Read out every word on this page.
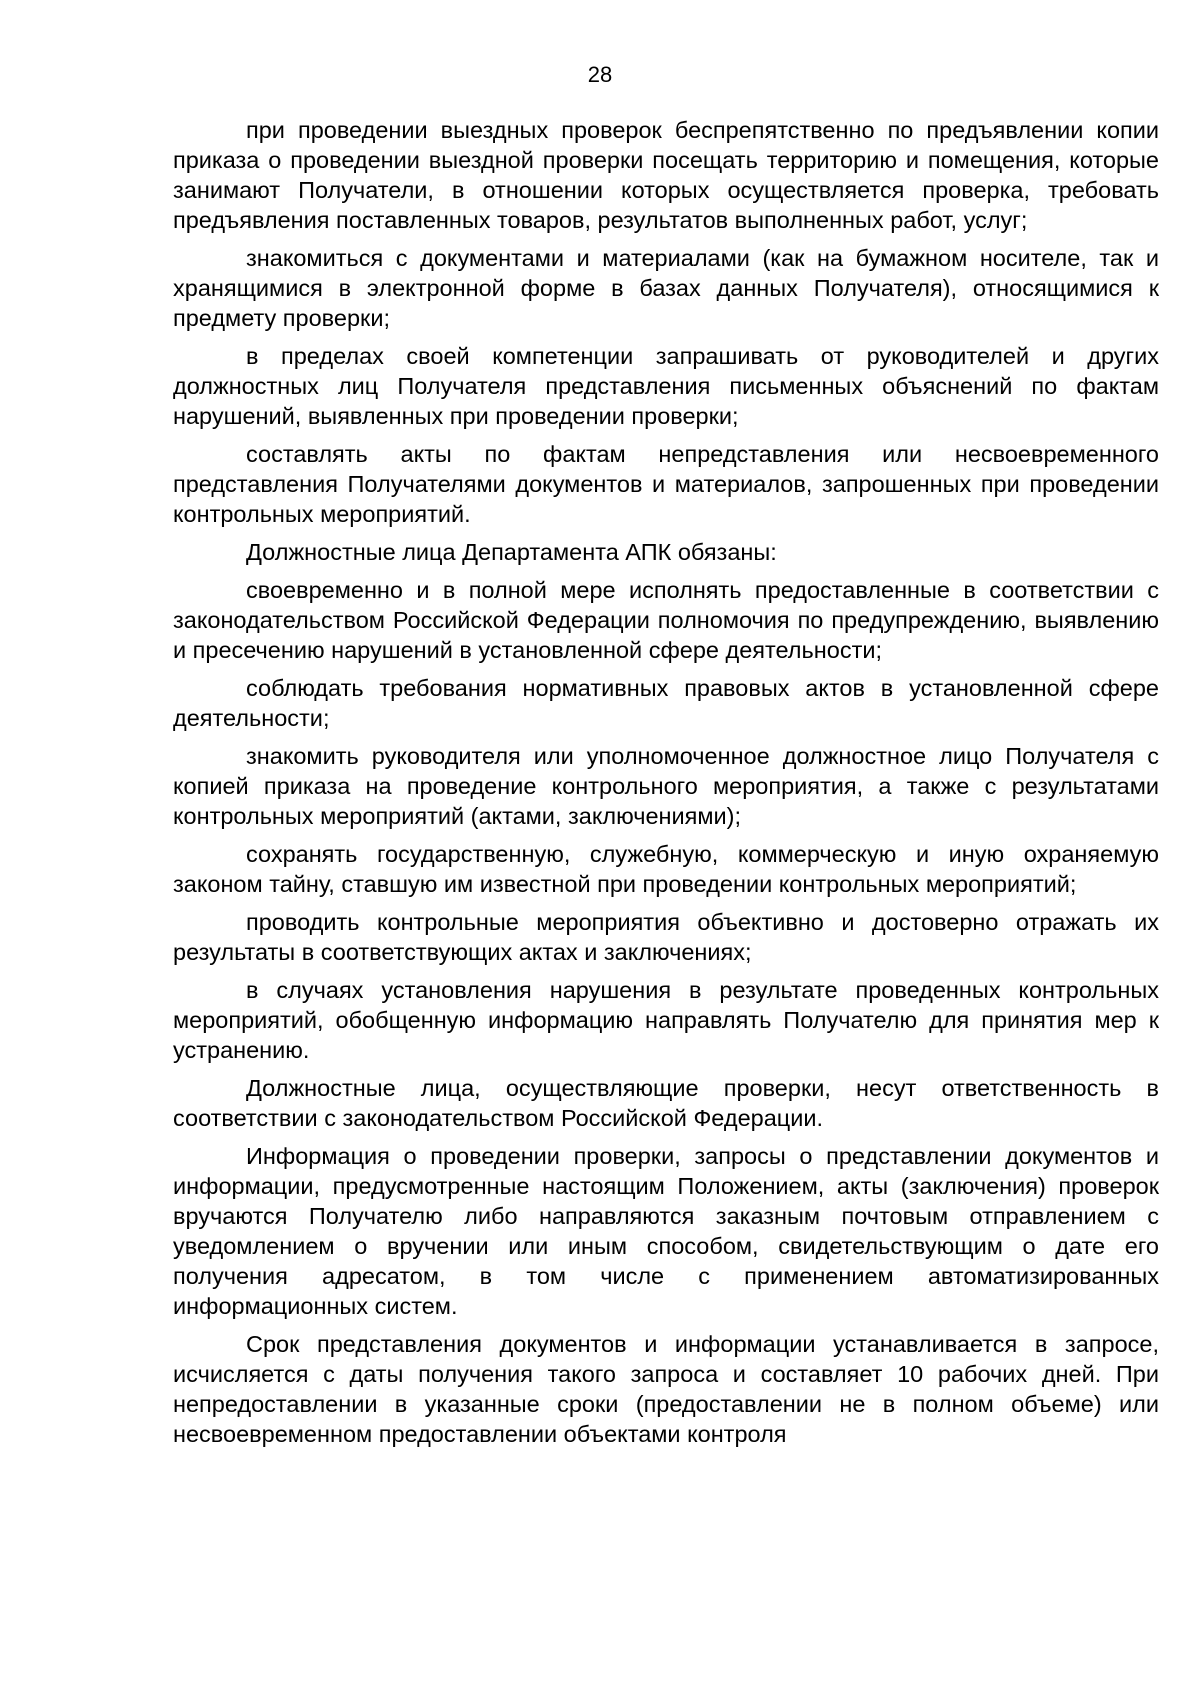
28

при проведении выездных проверок беспрепятственно по предъявлении копии приказа о проведении выездной проверки посещать территорию и помещения, которые занимают Получатели, в отношении которых осуществляется проверка, требовать предъявления поставленных товаров, результатов выполненных работ, услуг;

знакомиться с документами и материалами (как на бумажном носителе, так и хранящимися в электронной форме в базах данных Получателя), относящимися к предмету проверки;

в пределах своей компетенции запрашивать от руководителей и других должностных лиц Получателя представления письменных объяснений по фактам нарушений, выявленных при проведении проверки;

составлять акты по фактам непредставления или несвоевременного представления Получателями документов и материалов, запрошенных при проведении контрольных мероприятий.

Должностные лица Департамента АПК обязаны:

своевременно и в полной мере исполнять предоставленные в соответствии с законодательством Российской Федерации полномочия по предупреждению, выявлению и пресечению нарушений в установленной сфере деятельности;

соблюдать требования нормативных правовых актов в установленной сфере деятельности;

знакомить руководителя или уполномоченное должностное лицо Получателя с копией приказа на проведение контрольного мероприятия, а также с результатами контрольных мероприятий (актами, заключениями);

сохранять государственную, служебную, коммерческую и иную охраняемую законом тайну, ставшую им известной при проведении контрольных мероприятий;

проводить контрольные мероприятия объективно и достоверно отражать их результаты в соответствующих актах и заключениях;

в случаях установления нарушения в результате проведенных контрольных мероприятий, обобщенную информацию направлять Получателю для принятия мер к устранению.

Должностные лица, осуществляющие проверки, несут ответственность в соответствии с законодательством Российской Федерации.

Информация о проведении проверки, запросы о представлении документов и информации, предусмотренные настоящим Положением, акты (заключения) проверок вручаются Получателю либо направляются заказным почтовым отправлением с уведомлением о вручении или иным способом, свидетельствующим о дате его получения адресатом, в том числе с применением автоматизированных информационных систем.

Срок представления документов и информации устанавливается в запросе, исчисляется с даты получения такого запроса и составляет 10 рабочих дней. При непредоставлении в указанные сроки (предоставлении не в полном объеме) или несвоевременном предоставлении объектами контроля
